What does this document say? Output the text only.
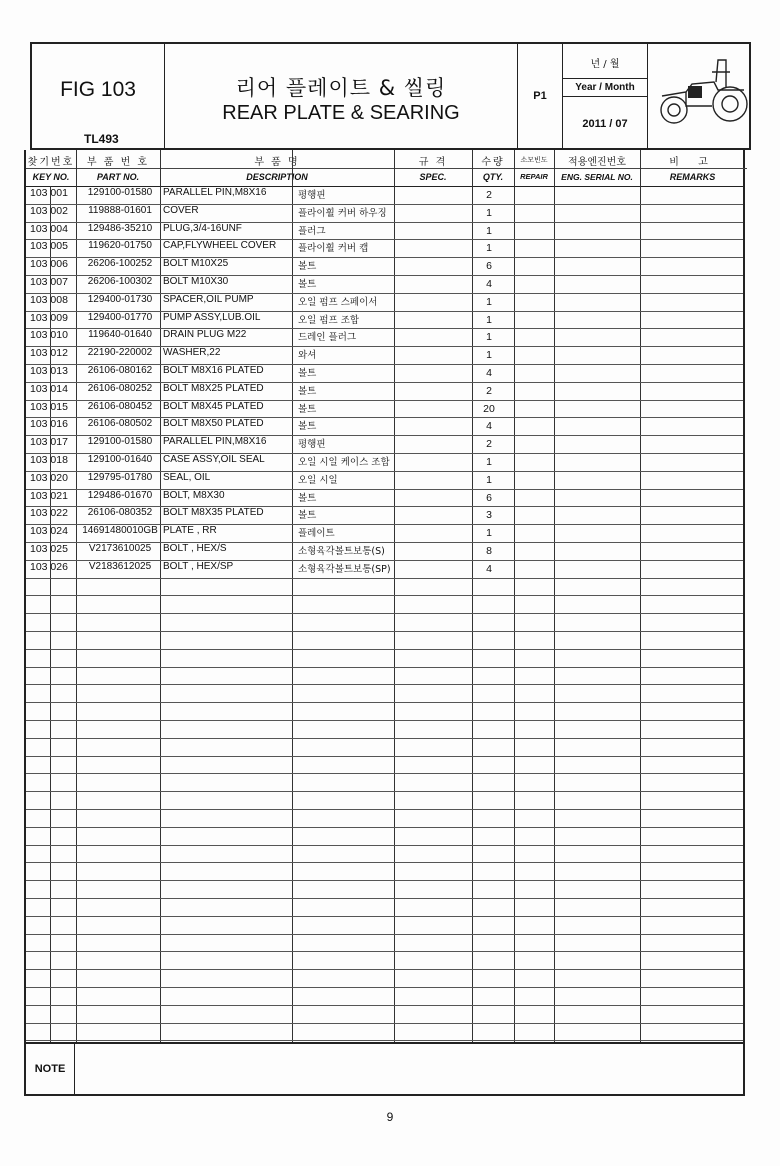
FIG 103
TL493
리어 플레이트 & 씰링
REAR PLATE & SEARING
P1
년 / 월
Year / Month
2011 / 07
찾기번호
KEY NO.
부 품 번 호
PART NO.
부 품 명
DESCRIPTION
규 격
SPEC.
수량
QTY.
소모빈도
REPAIR
적용엔진번호
ENG. SERIAL NO.
비 고
REMARKS
103 001	129100-01580	PARALLEL PIN,M8X16	평행핀	2
103 002	119888-01601	COVER	플라이휠 커버 하우징	1
103 004	129486-35210	PLUG,3/4-16UNF	플러그	1
103 005	119620-01750	CAP,FLYWHEEL COVER	플라이휠 커버 캡	1
103 006	26206-100252	BOLT M10X25	볼트	6
103 007	26206-100302	BOLT M10X30	볼트	4
103 008	129400-01730	SPACER,OIL PUMP	오일 펌프 스페이서	1
103 009	129400-01770	PUMP ASSY,LUB.OIL	오일 펌프 조합	1
103 010	119640-01640	DRAIN PLUG M22	드레인 플러그	1
103 012	22190-220002	WASHER,22	와셔	1
103 013	26106-080162	BOLT M8X16 PLATED	볼트	4
103 014	26106-080252	BOLT M8X25 PLATED	볼트	2
103 015	26106-080452	BOLT M8X45 PLATED	볼트	20
103 016	26106-080502	BOLT M8X50 PLATED	볼트	4
103 017	129100-01580	PARALLEL PIN,M8X16	평행핀	2
103 018	129100-01640	CASE ASSY,OIL SEAL	오일 시일 케이스 조합	1
103 020	129795-01780	SEAL, OIL	오일 시일	1
103 021	129486-01670	BOLT, M8X30	볼트	6
103 022	26106-080352	BOLT M8X35 PLATED	볼트	3
103 024	14691480010GB PLATE , RR	플레이트	1
103 025	V2173610025	BOLT , HEX/S	소형육각볼트보통(S)	8
103 026	V2183612025	BOLT , HEX/SP	소형육각볼트보통(SP)	4
NOTE
9
